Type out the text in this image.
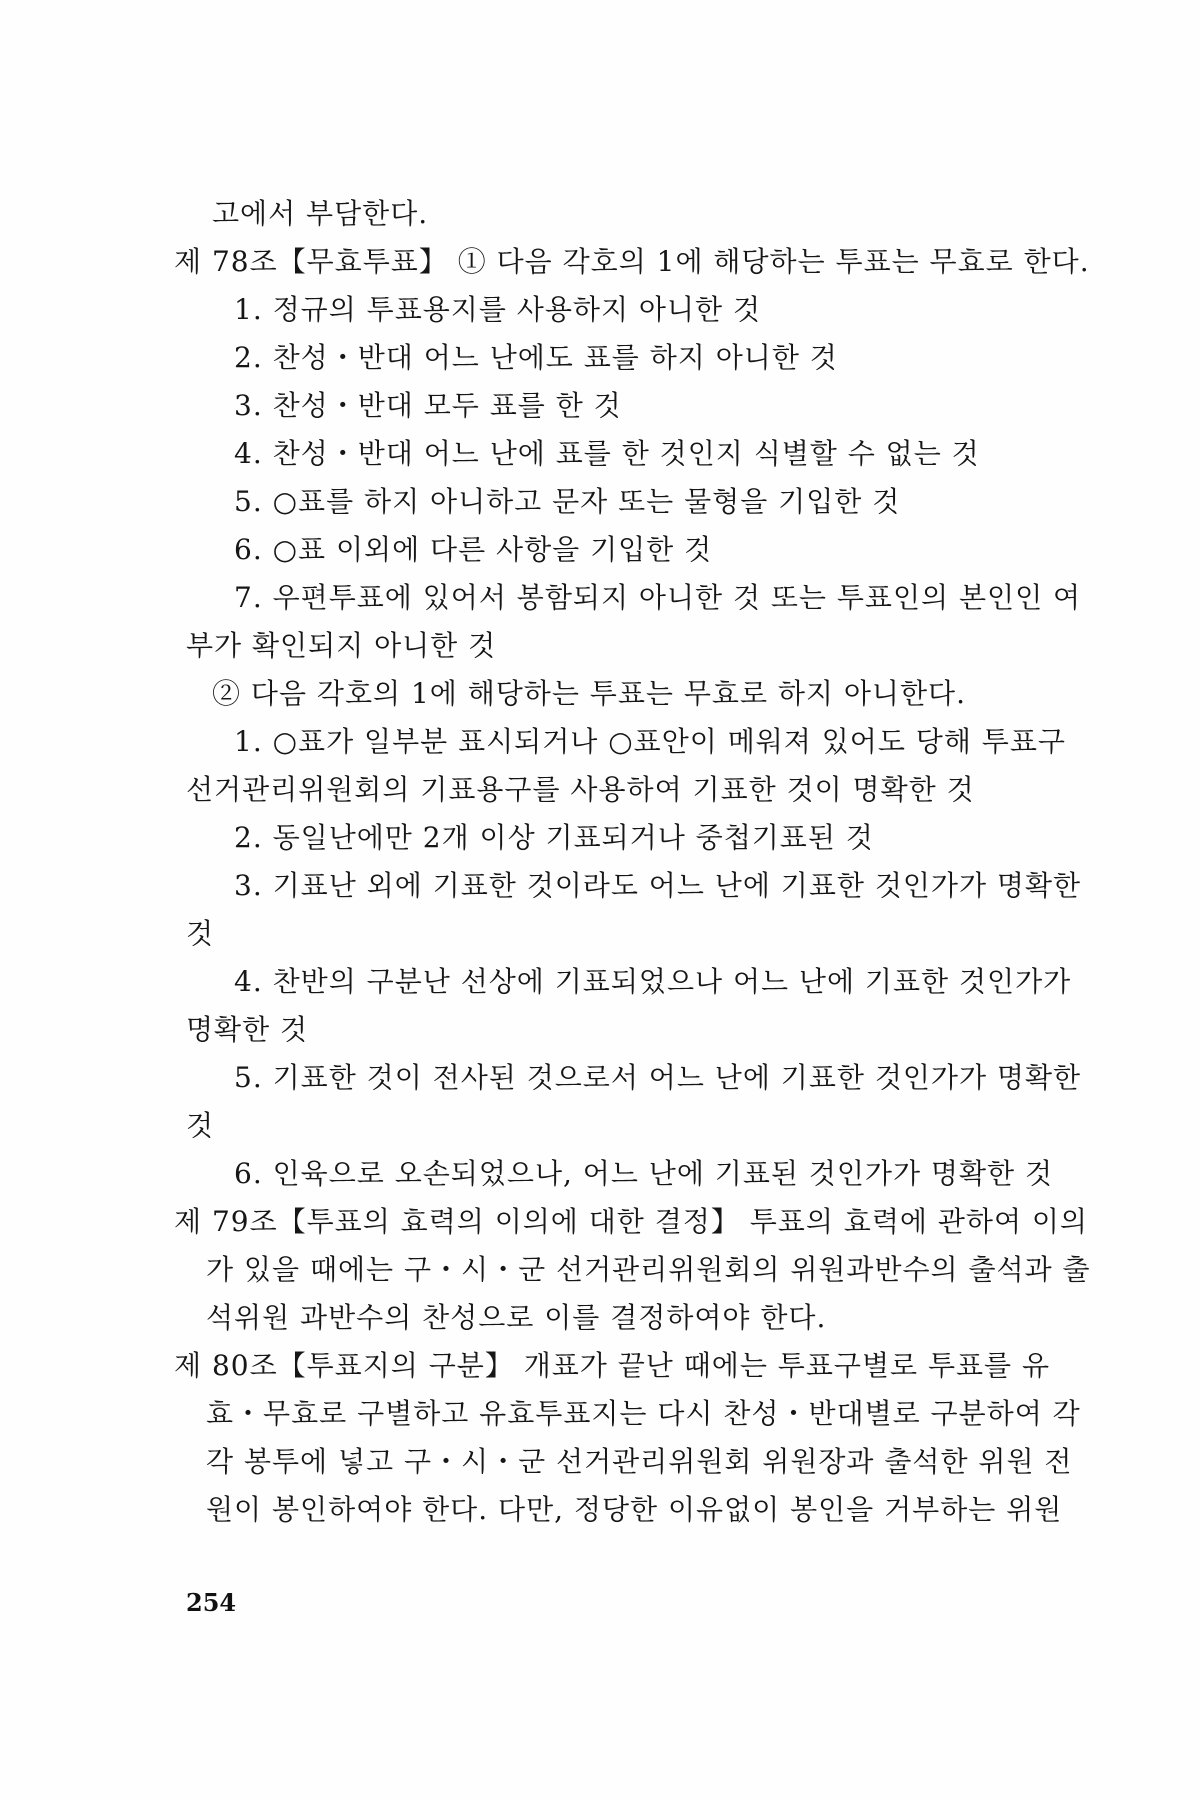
고에서 부담한다.
제 78조【무효투표】 ① 다음 각호의 1에 해당하는 투표는 무효로 한다.
1. 정규의 투표용지를 사용하지 아니한 것
2. 찬성・반대 어느 난에도 표를 하지 아니한 것
3. 찬성・반대 모두 표를 한 것
4. 찬성・반대 어느 난에 표를 한 것인지 식별할 수 없는 것
5. ○표를 하지 아니하고 문자 또는 물형을 기입한 것
6. ○표 이외에 다른 사항을 기입한 것
7. 우편투표에 있어서 봉함되지 아니한 것 또는 투표인의 본인인 여
부가 확인되지 아니한 것
② 다음 각호의 1에 해당하는 투표는 무효로 하지 아니한다.
1. ○표가 일부분 표시되거나 ○표안이 메워져 있어도 당해 투표구
선거관리위원회의 기표용구를 사용하여 기표한 것이 명확한 것
2. 동일난에만 2개 이상 기표되거나 중첩기표된 것
3. 기표난 외에 기표한 것이라도 어느 난에 기표한 것인가가 명확한
것
4. 찬반의 구분난 선상에 기표되었으나 어느 난에 기표한 것인가가
명확한 것
5. 기표한 것이 전사된 것으로서 어느 난에 기표한 것인가가 명확한
것
6. 인육으로 오손되었으나, 어느 난에 기표된 것인가가 명확한 것
제 79조【투표의 효력의 이의에 대한 결정】 투표의 효력에 관하여 이의
가 있을 때에는 구・시・군 선거관리위원회의 위원과반수의 출석과 출
석위원 과반수의 찬성으로 이를 결정하여야 한다.
제 80조【투표지의 구분】 개표가 끝난 때에는 투표구별로 투표를 유
효・무효로 구별하고 유효투표지는 다시 찬성・반대별로 구분하여 각
각 봉투에 넣고 구・시・군 선거관리위원회 위원장과 출석한 위원 전
원이 봉인하여야 한다. 다만, 정당한 이유없이 봉인을 거부하는 위원
254
